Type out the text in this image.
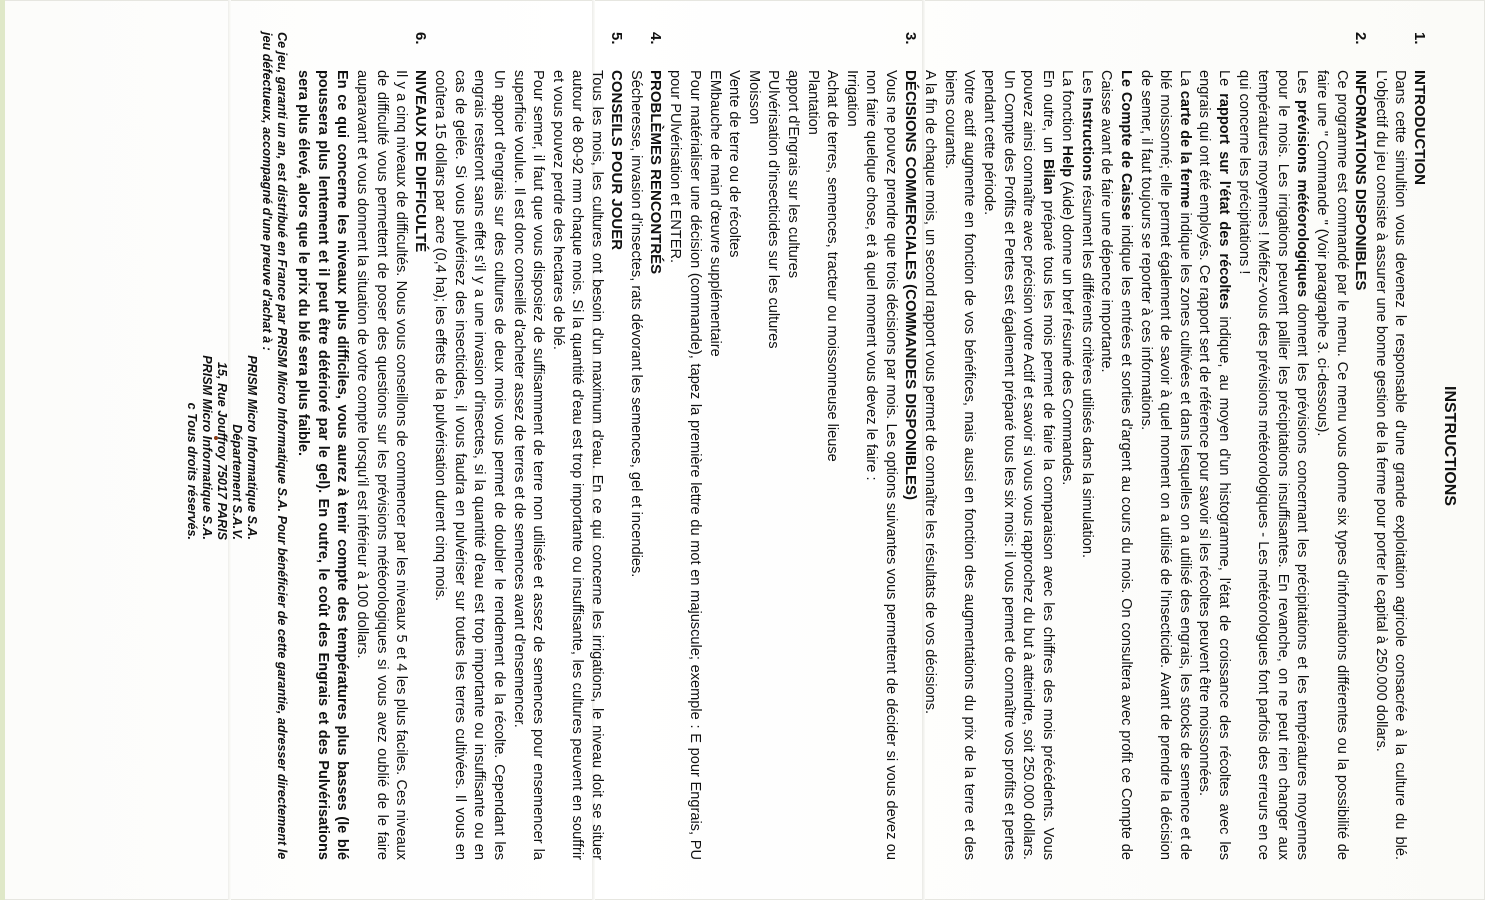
INSTRUCTIONS
1.
INTRODUCTION

Dans cette simultion vous devenez le responsable d'une grande exploitation agricole consacrée à la culture du blé. L'objectif du jeu consiste à assurer une bonne gestion de la ferme pour porter le capital à 250.000 dollars.

2.
INFORMATIONS DISPONIBLES

Ce programme est commandé par le menu. Ce menu vous donne six types d'informations différentes ou la possibilité de faire une " Commande " (Voir paragraphe 3. ci-dessous).

Les prévisions météorologiques donnent les prévisions concernant les précipitations et les températures moyennes pour le mois. Les irrigations peuvent pallier les précipitations insuffisantes. En revanche, on ne peut rien changer aux températures moyennes ! Méfiez-vous des prévisions météorologiques - Les météorologues font parfois des erreurs en ce qui concerne les précipitations !

Le rapport sur l'état des récoltes indique, au moyen d'un histogramme, l'état de croissance des récoltes avec les engrais qui ont été employés. Ce rapport sert de référence pour savoir si les récoltes peuvent être moissonnées.

La carte de la ferme indique les zones cultivées et dans lesquelles on a utilisé des engrais, les stocks de semence et de blé moissonné; elle permet également de savoir à quel moment on a utilisé de l'insecticide. Avant de prendre la décision de semer, il faut toujours se reporter à ces informations.

Le Compte de Caisse indique les entrées et sorties d'argent au cours du mois. On consultera avec profit ce Compte de Caisse avant de faire une dépence importante.

Les Instructions résument les différents critères utilisés dans la simulation.

La fonction Help (Aide) donne un bref résumé des Commandes.

En outre, un Bilan préparé tous les mois permet de faire la comparaison avec les chiffres des mois précédents. Vous pouvez ainsi connaître avec précision votre Actif et savoir si vous vous rapprochez du but à atteindre, soit 250.000 dollars. Un Compte des Profits et Pertes est également préparé tous les six mois: il vous permet de connaître vos profits et pertes pendant cette période.

Votre actif augmente en fonction de vos bénéfices, mais aussi en fonction des augmentations du prix de la terre et des biens courants.

A la fin de chaque mois, un second rapport vous permet de connaître les résultats de vos décisions.

3.
DÉCISIONS COMMERCIALES (COMMANDES DISPONIBLES)

Vous ne pouvez prendre que trois décisions par mois. Les options suivantes vous permettent de décider si vous devez ou non faire quelque chose, et à quel moment vous devez le faire :

Irrigation

Achat de terres, semences, tracteur ou moissonneuse lieuse

Plantation

apport d'Engrais sur les cultures

PUlvérisation d'insecticides sur les cultures

Moisson

Vente de terre ou de récoltes

EMbauche de main d'œuvre supplémentaire

Pour matérialiser une décision (commande), tapez la première lettre du mot en majuscule; exemple : E pour Engrais, PU pour PUlvérisation et ENTER.

4.
PROBLÈMES RENCONTRÉS

Sécheresse, invasion d'insectes, rats dévorant les semences, gel et incendies.

5.
CONSEILS POUR JOUER

Tous les mois, les cultures ont besoin d'un maximum d'eau. En ce qui concerne les irrigations, le niveau doit se situer autour de 80-92 mm chaque mois. Si la quantité d'eau est trop importante ou insuffisante, les cultures peuvent en souffrir et vous pouvez perdre des hectares de blé.

Pour semer, il faut que vous disposiez de suffisamment de terre non utilisée et assez de semences pour ensemencer la superficie voulue. Il est donc conseillé d'acheter assez de terres et de semences avant d'ensemencer.

Un apport d'engrais sur des cultures de deux mois vous permet de doubler le rendement de la récolte. Cependant les engrais resteront sans effet s'il y a une invasion d'insectes, si la quantité d'eau est trop importante ou insuffisante ou en cas de gelée. Si vous pulvérisez des insecticides, il vous faudra en pulvériser sur toutes les terres cultivées. Il vous en coûtera 15 dollars par acre (0,4 ha); les effets de la pulvérisation durent cinq mois.

6.
NIVEAUX DE DIFFICULTÉ

Il y a cinq niveaux de difficultés. Nous vous conseillons de commencer par les niveaux 5 et 4 les plus faciles. Ces niveaux de difficulté vous permettent de poser des questions sur les prévisions météorologiques si vous avez oublié de le faire auparavant et vous donnent la situation de votre compte lorsqu'il est inférieur à 100 dollars.

En ce qui concerne les niveaux plus difficiles, vous aurez à tenir compte des températures plus basses (le blé poussera plus lentement et il peut être détérioré par le gel). En outre, le coût des Engrais et des Pulvérisations sera plus élevé, alors que le prix du blé sera plus faible.

Ce jeu, garanti un an, est distribué en France par PRISM Micro Informatique S.A. Pour bénéficier de cette garantie, adresser directement le jeu défectueux, accompagné d'une preuve d'achat à :
PRISM Micro Informatique S.A.
Département S.A.V.
15, Rue Jouffroy 75017 PARIS
PRISM Micro Informatique S.A.
c Tous droits réservés.
